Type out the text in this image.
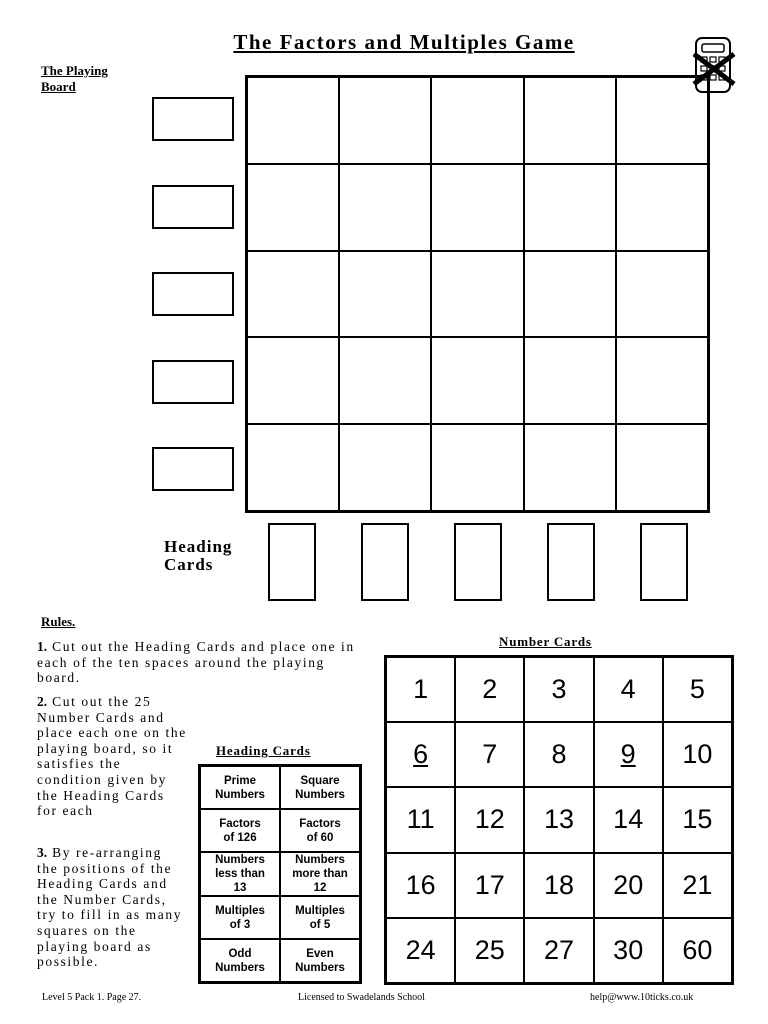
The Factors and Multiples Game
The Playing
Board
Heading
Cards
Rules.
1. Cut out the Heading Cards and place one in each of the ten spaces around the playing board.
2. Cut out the 25 Number Cards and place each one on the playing board, so it satisfies the condition given by the Heading Cards for each
3. By re-arranging the positions of the Heading Cards and the Number Cards, try to fill in as many squares on the playing board as possible.
Heading Cards
Prime
Numbers
Square
Numbers
Factors
of 126
Factors
of 60
Numbers
less than
13
Numbers
more than
12
Multiples
of 3
Multiples
of 5
Odd
Numbers
Even
Numbers
Number Cards
1 2 3 4 5
6 7 8 9 10
11 12 13 14 15
16 17 18 20 21
24 25 27 30 60
Level 5 Pack 1. Page 27.	Licensed to Swadelands School	help@www.10ticks.co.uk
